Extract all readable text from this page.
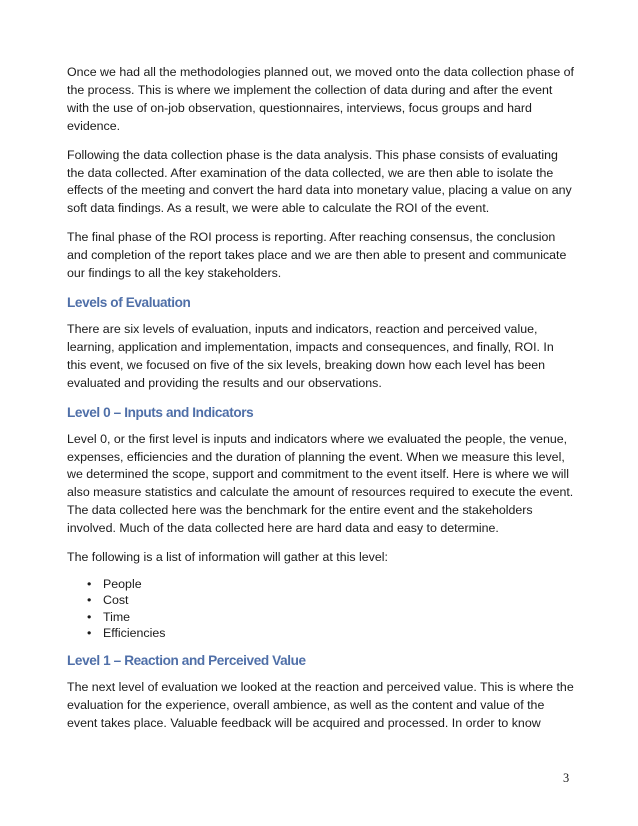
Once we had all the methodologies planned out, we moved onto the data collection phase of the process. This is where we implement the collection of data during and after the event with the use of on-job observation, questionnaires, interviews, focus groups and hard evidence.

Following the data collection phase is the data analysis. This phase consists of evaluating the data collected. After examination of the data collected, we are then able to isolate the effects of the meeting and convert the hard data into monetary value, placing a value on any soft data findings. As a result, we were able to calculate the ROI of the event.

The final phase of the ROI process is reporting. After reaching consensus, the conclusion and completion of the report takes place and we are then able to present and communicate our findings to all the key stakeholders.

Levels of Evaluation

There are six levels of evaluation, inputs and indicators, reaction and perceived value, learning, application and implementation, impacts and consequences, and finally, ROI. In this event, we focused on five of the six levels, breaking down how each level has been evaluated and providing the results and our observations.

Level 0 – Inputs and Indicators

Level 0, or the first level is inputs and indicators where we evaluated the people, the venue, expenses, efficiencies and the duration of planning the event. When we measure this level, we determined the scope, support and commitment to the event itself. Here is where we will also measure statistics and calculate the amount of resources required to execute the event. The data collected here was the benchmark for the entire event and the stakeholders involved. Much of the data collected here are hard data and easy to determine.

The following is a list of information will gather at this level:

• People
• Cost
• Time
• Efficiencies
Level 1 – Reaction and Perceived Value

The next level of evaluation we looked at the reaction and perceived value. This is where the evaluation for the experience, overall ambience, as well as the content and value of the event takes place. Valuable feedback will be acquired and processed. In order to know

3
